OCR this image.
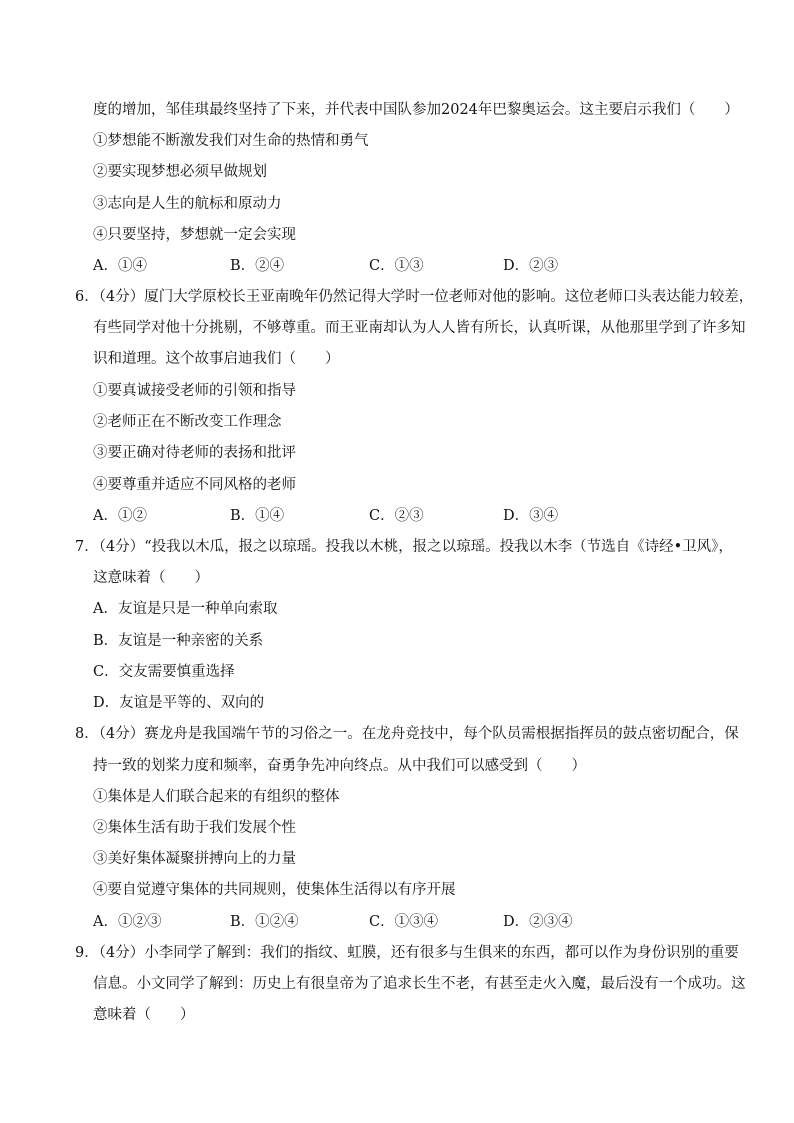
度的增加，邹佳琪最终坚持了下来，并代表中国队参加2024年巴黎奥运会。这主要启示我们（　　）
①梦想能不断激发我们对生命的热情和勇气
②要实现梦想必须早做规划
③志向是人生的航标和原动力
④只要坚持，梦想就一定会实现
A．①④	B．②④	C．①③	D．②③
6．（4分）厦门大学原校长王亚南晚年仍然记得大学时一位老师对他的影响。这位老师口头表达能力较差，
有些同学对他十分挑剔，不够尊重。而王亚南却认为人人皆有所长，认真听课，从他那里学到了许多知
识和道理。这个故事启迪我们（　　）
①要真诚接受老师的引领和指导
②老师正在不断改变工作理念
③要正确对待老师的表扬和批评
④要尊重并适应不同风格的老师
A．①②	B．①④	C．②③	D．③④
7．（4分）“投我以木瓜，报之以琼瑶。投我以木桃，报之以琼瑶。投我以木李（节选自《诗经•卫风》，
这意味着（　　）
A．友谊是只是一种单向索取
B．友谊是一种亲密的关系
C．交友需要慎重选择
D．友谊是平等的、双向的
8．（4分）赛龙舟是我国端午节的习俗之一。在龙舟竞技中，每个队员需根据指挥员的鼓点密切配合，保
持一致的划桨力度和频率，奋勇争先冲向终点。从中我们可以感受到（　　）
①集体是人们联合起来的有组织的整体
②集体生活有助于我们发展个性
③美好集体凝聚拼搏向上的力量
④要自觉遵守集体的共同规则，使集体生活得以有序开展
A．①②③	B．①②④	C．①③④	D．②③④
9．（4分）小李同学了解到：我们的指纹、虹膜，还有很多与生俱来的东西，都可以作为身份识别的重要
信息。小文同学了解到：历史上有很皇帝为了追求长生不老，有甚至走火入魔，最后没有一个成功。这
意味着（　　）
